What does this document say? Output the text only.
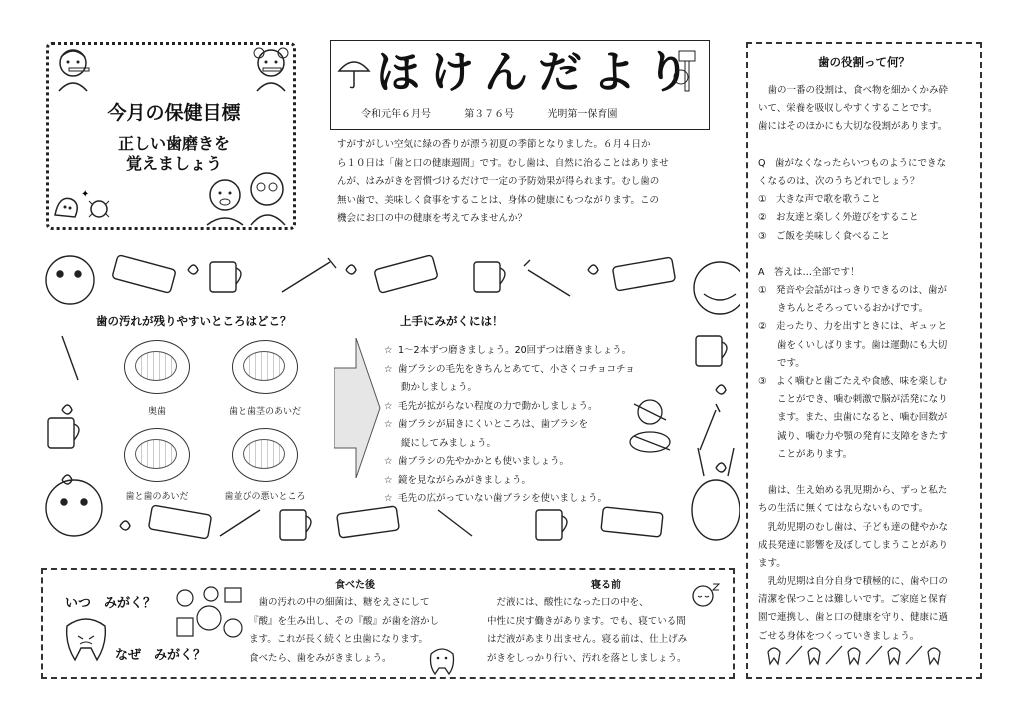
今月の保健目標
正しい歯磨きを
覚えましょう
✦
ほけんだより
令和元年６月号	第３７６号	光明第一保育園
すがすがしい空気に緑の香りが漂う初夏の季節となりました。６月４日か
ら１０日は「歯と口の健康週間」です。むし歯は、自然に治ることはありませ
んが、はみがきを習慣づけるだけで一定の予防効果が得られます。むし歯の
無い歯で、美味しく食事をすることは、身体の健康にもつながります。この
機会にお口の中の健康を考えてみませんか？
歯の汚れが残りやすいところはどこ？
奥歯	歯と歯茎のあいだ
歯と歯のあいだ	歯並びの悪いところ
上手にみがくには！
☆ 1～2本ずつ磨きましょう。20回ずつは磨きましょう。
☆ 歯ブラシの毛先をきちんとあてて、小さくコチョコチョ
動かしましょう。
☆ 毛先が拡がらない程度の力で動かしましょう。
☆ 歯ブラシが届きにくいところは、歯ブラシを
縦にしてみましょう。
☆ 歯ブラシの先やかかとも使いましょう。
☆ 鏡を見ながらみがきましょう。
☆ 毛先の広がっていない歯ブラシを使いましょう。
歯の役割って何？
　歯の一番の役割は、食べ物を細かくかみ砕
いて、栄養を吸収しやすくすることです。
歯にはそのほかにも大切な役割があります。
Q　歯がなくなったらいつものようにできな
くなるのは、次のうちどれでしょう？
①　大きな声で歌を歌うこと
②　お友達と楽しく外遊びをすること
③　ご飯を美味しく食べること
A　答えは…全部です！
①　発音や会話がはっきりできるのは、歯が
　　きちんとそろっているおかげです。
②　走ったり、力を出すときには、ギュッと
　　歯をくいしばります。歯は運動にも大切
　　です。
③　よく噛むと歯ごたえや食感、味を楽しむ
　　ことができ、噛む刺激で脳が活発になり
　　ます。また、虫歯になると、噛む回数が
　　減り、噛む力や顎の発育に支障をきたす
　　ことがあります。
　歯は、生え始める乳児期から、ずっと私た
ちの生活に無くてはならないものです。
　乳幼児期のむし歯は、子ども達の健やかな
成長発達に影響を及ぼしてしまうことがあり
ます。
　乳幼児期は自分自身で積極的に、歯や口の
清潔を保つことは難しいです。ご家庭と保育
園で連携し、歯と口の健康を守り、健康に過
ごせる身体をつくっていきましょう。
いつ　みがく？
なぜ　みがく？
食べた後
　歯の汚れの中の細菌は、糖をえさにして
『酸』を生み出し、その『酸』が歯を溶かし
ます。これが長く続くと虫歯になります。
食べたら、歯をみがきましょう。
寝る前
　だ液には、酸性になった口の中を、
中性に戻す働きがあります。でも、寝ている間
はだ液があまり出ません。寝る前は、仕上げみ
がきをしっかり行い、汚れを落としましょう。
